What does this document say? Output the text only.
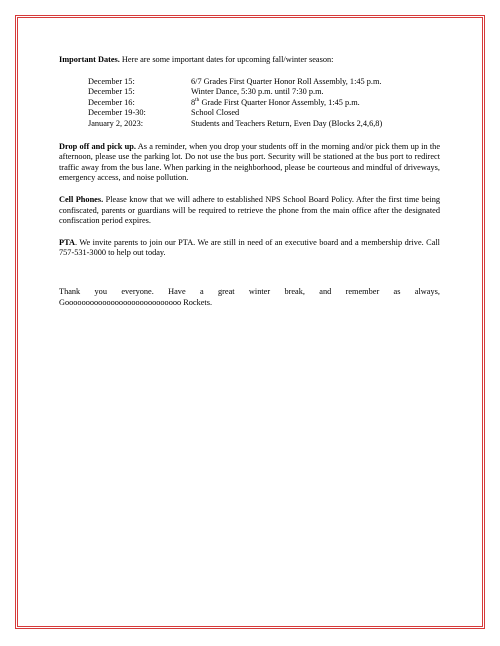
Important Dates. Here are some important dates for upcoming fall/winter season:

December 15:	6/7 Grades First Quarter Honor Roll Assembly, 1:45 p.m.
December 15:	Winter Dance, 5:30 p.m. until 7:30 p.m.
December 16:	8th Grade First Quarter Honor Assembly, 1:45 p.m.
December 19-30:	School Closed
January 2, 2023:	Students and Teachers Return, Even Day (Blocks 2,4,6,8)

Drop off and pick up. As a reminder, when you drop your students off in the morning and/or pick them up in the afternoon, please use the parking lot. Do not use the bus port. Security will be stationed at the bus port to redirect traffic away from the bus lane. When parking in the neighborhood, please be courteous and mindful of driveways, emergency access, and noise pollution.

Cell Phones. Please know that we will adhere to established NPS School Board Policy. After the first time being confiscated, parents or guardians will be required to retrieve the phone from the main office after the designated confiscation period expires.

PTA. We invite parents to join our PTA. We are still in need of an executive board and a membership drive. Call 757-531-3000 to help out today.

Thank you everyone. Have a great winter break, and remember as always,
Goooooooooooooooooooooooooooo Rockets.
